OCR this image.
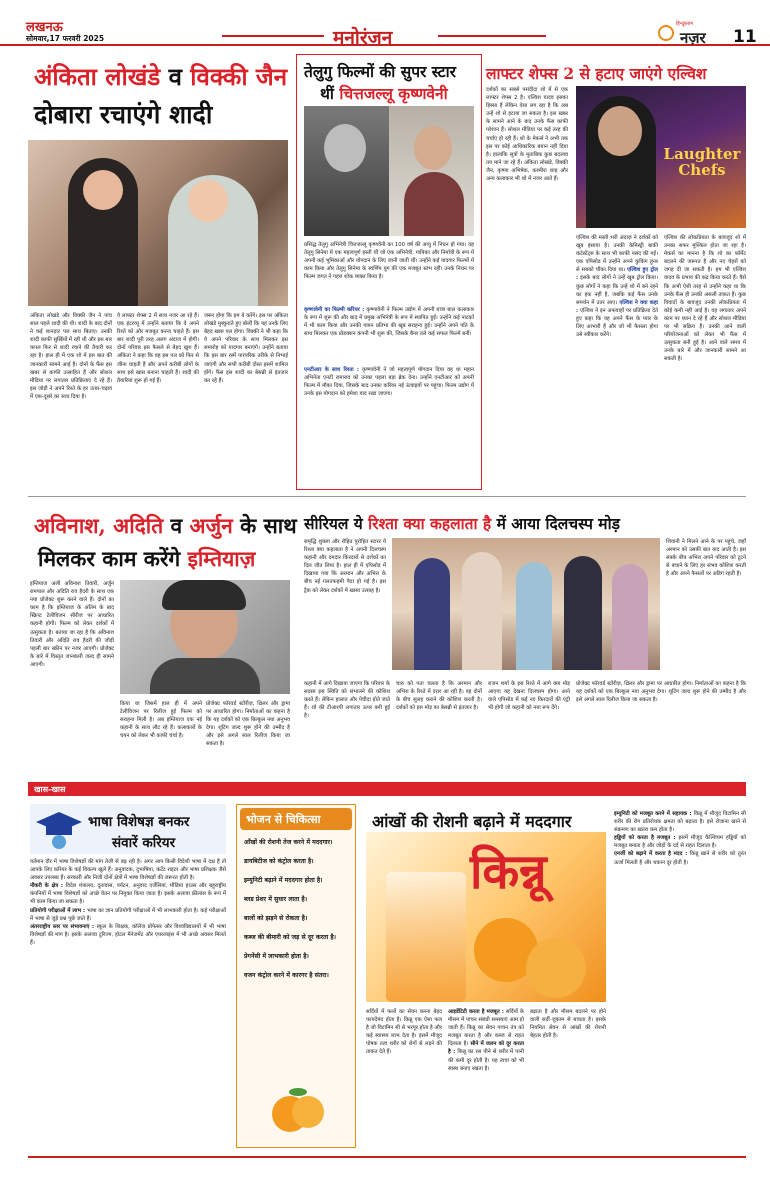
लखनऊ
सोमवार,17 फरवरी 2025	मनोरंजन
हिन्दुस्तान
नज़र 11
अंकिता लोखंडे व विक्की जैन
दोबारा रचाएंगे शादी
अंकिता लोखंडे और विक्की जैन ने पांच साल पहले शादी की थी। शादी के बाद दोनों ने कई शानदार पल साथ बिताए। उनकी शादी काफी सुर्खियों में रही थी और इस बार कपल फिर से शादी रचाने की तैयारी कर रहा है। हाल ही में एक शो में इस बात की जानकारी सामने आई है। दोनों के फैंस इस खबर से काफी उत्साहित हैं और सोशल मीडिया पर लगातार प्रतिक्रियाएं दे रहे हैं। इस जोड़ी ने अपने रिश्ते के हर उतार-चढ़ाव में एक-दूसरे का साथ दिया है।
वे लाफ्टर शेफ्स 2 में साथ नजर आ रहे हैं। एक इंटरव्यू में उन्होंने बताया कि वे अपने रिश्ते को और मजबूत करना चाहते हैं। इस बार शादी पूरी तरह अलग अंदाज में होगी। दोनों परिवार इस फैसले से बेहद खुश हैं। अंकिता ने कहा कि वह इस पल को फिर से जीना चाहती हैं और अपने करीबी लोगों के साथ इसे खास बनाना चाहती हैं। शादी की तैयारियां शुरू हो गई हैं।
जरूर होगा कि हम ये करेंगे। इस पर अंकिता लोखंडे मुस्कुराते हुए बोलीं कि यह उनके लिए बेहद खास पल होगा। विक्की ने भी कहा कि वे अपने परिवार के साथ मिलकर इस समारोह को यादगार बनाएंगे। उन्होंने बताया कि इस बार रस्में पारंपरिक तरीके से निभाई जाएंगी और सभी करीबी दोस्त इसमें शामिल होंगे। फैंस इस शादी का बेसब्री से इंतजार कर रहे हैं।
तेलुगु फिल्मों की सुपर स्टार
थीं चित्तजल्लू कृष्णवेनी
प्रसिद्ध तेलुगु अभिनेत्री चित्तजल्लू कृष्णवेनी का 100 वर्ष की आयु में निधन हो गया। वह तेलुगु सिनेमा में एक महत्वपूर्ण हस्ती थीं जो एक अभिनेत्री, गायिका और निर्मात्री के रूप में अपनी कई भूमिकाओं और योगदान के लिए जानी जाती थीं। उन्होंने कई यादगार फिल्मों में काम किया और तेलुगु सिनेमा के स्वर्णिम युग की एक मजबूत स्तंभ रहीं। उनके निधन पर फिल्म जगत ने गहरा शोक व्यक्त किया है।
कृष्णावेनी का फिल्मी करियर : कृष्णावेनी ने फिल्म उद्योग में अपनी यात्रा बाल कलाकार के रूप में शुरू की और बाद में प्रमुख अभिनेत्री के रूप में स्थापित हुईं। उन्होंने कई नाटकों में भी काम किया और उनकी गायन प्रतिभा की खूब सराहना हुई। उन्होंने अपने पति के साथ मिलकर एक प्रोडक्शन कंपनी भी शुरू की, जिसके बैनर तले कई सफल फिल्में बनीं।
एनटीआर के साथ रिश्ता : कृष्णावेनी ने जो महत्वपूर्ण योगदान दिया वह था महान अभिनेता एनटी रामाराव को उनका पहला बड़ा ब्रेक देना। उन्होंने एनटीआर को अपनी फिल्म में मौका दिया, जिसके बाद उनका करियर नई ऊंचाइयों पर पहुंचा। फिल्म उद्योग में उनके इस योगदान को हमेशा याद रखा जाएगा।
लाफ्टर शेफ्स 2 से हटाए जाएंगे एल्विश
दर्शकों का सबसे पसंदीदा शो में से एक लाफ्टर शेफ्स 2 है। एल्विश यादव इसका हिस्सा हैं लेकिन ऐसा लग रहा है कि अब उन्हें शो से हटाया जा सकता है। इस खबर के सामने आने के बाद उनके फैंस काफी परेशान हैं। सोशल मीडिया पर कई तरह की चर्चाएं हो रही हैं। शो के मेकर्स ने अभी तक इस पर कोई आधिकारिक बयान नहीं दिया है। हालांकि सूत्रों के मुताबिक कुछ बदलाव तय माने जा रहे हैं। अंकिता लोखंडे, विक्की जैन, कृष्णा अभिषेक, कश्मीरा शाह और अन्य कलाकार भी शो में नजर आते हैं।
Laughter Chefs
एल्विश की मस्ती भरी अंदाज़ ने दर्शकों को खूब हंसाया है। उनकी केमिस्ट्री बाकी कंटेस्टेंट्स के साथ भी काफी पसंद की गई। एक एपिसोड में उन्होंने अपने कुकिंग हुनर से सबको चौंका दिया था। एल्विश हुए ट्रोल : इसके बाद लोगों ने उन्हें खूब ट्रोल किया। कुछ लोगों ने कहा कि उन्हें शो में बने रहने का हक नहीं है, जबकि कई फैंस उनके समर्थन में उतर आए। एल्विश ने क्या कहा : एल्विश ने इन अफवाहों पर प्रतिक्रिया देते हुए कहा कि वह अपने फैंस के प्यार के लिए आभारी हैं और जो भी फैसला होगा उसे स्वीकार करेंगे।
एल्विश की लोकप्रियता के बावजूद शो में उनका सफर मुश्किल होता जा रहा है। मेकर्स का मानना है कि शो का फॉर्मेट बदलने की जरूरत है और नए चेहरों को जगह दी जा सकती है। हम भी एल्विश यादव के प्रभाव की कद्र किया करते हैं। वैसे कि अभी ऐसी तरह से उन्होंने कहा था कि उनके फैंस ही उनकी असली ताकत हैं। कुछ विवादों के बावजूद उनकी लोकप्रियता में कोई कमी नहीं आई है। वह लगातार अपने काम पर ध्यान दे रहे हैं और सोशल मीडिया पर भी सक्रिय हैं। उनकी आने वाली परियोजनाओं को लेकर भी फैंस में उत्सुकता बनी हुई है। आने वाले समय में उनके बारे में और जानकारी सामने आ सकती है।
अविनाश, अदिति व अर्जुन के साथ
मिलकर काम करेंगे इम्तियाज़
इम्तियाज अली अविनाश तिवारी, अर्जुन रामपाल और अदिति राव हैदरी के साथ एक नया प्रोजेक्ट शुरू करने वाले हैं। दोनों का काम है कि इम्तियाज के अंतिम के बाद स्क्रिप्ट टेलीविजन सीरीज पर आधारित कहानी होगी। फिल्म को लेकर दर्शकों में उत्सुकता है। बताया जा रहा है कि अविनाश तिवारी और अदिति राव हैदरी की जोड़ी पहली बार स्क्रीन पर नजर आएगी। प्रोजेक्ट के बारे में विस्तृत जानकारी जल्द ही सामने आएगी।
किया था जिसमें हाल ही में अपने टेलीविजन पर रिलीज हुई फिल्म को सराहना मिली है। अब इम्तियाज एक नई कहानी के साथ लौट रहे हैं। कलाकारों के चयन को लेकर भी काफी चर्चा है।
प्रोजेक्ट फॉरवर्ड स्टोरीज़, थ्रिलर और ड्रामा पर आधारित होगा। निर्माताओं का कहना है कि यह दर्शकों को एक बिल्कुल नया अनुभव देगा। शूटिंग जल्द शुरू होने की उम्मीद है और इसे अगले साल रिलीज किया जा सकता है।
सीरियल ये रिश्ता क्या कहलाता है में आया दिलचस्प मोड़
समृद्धि शुक्ला और रोहित पुरोहित स्टारर ये रिश्ता क्या कहलाता है ने अपनी दिलचस्प कहानी और दमदार किरदारों से दर्शकों का दिल जीत लिया है। हाल ही में एपिसोड में दिखाया गया कि अरमान और अभिरा के बीच नई गलतफहमी पैदा हो गई है। इस ट्रैक को लेकर दर्शकों में खासा उत्साह है।
शिवानी ने मिलने आने के पर पहुंचे, जहाँ अरमान को उसकी बात याद आती है। इस सबके बीच अभिरा अपने परिवार को टूटने से बचाने के लिए हर संभव कोशिश करती है और अपने फैसलों पर अडिग रहती है।
कहानी में आगे दिखाया जाएगा कि परिवार के सदस्य इस स्थिति को संभालने की कोशिश करते हैं। लेकिन हालात और पेचीदा होते जाते हैं। शो की टीआरपी लगातार ऊपर बनी हुई है।
चारु को पता चलता है कि अरमान और अभिरा के रिश्ते में दरार आ रही है। वह दोनों के बीच सुलह कराने की कोशिश करती है। दर्शकों को इस मोड़ का बेसब्री से इंतजार है।
राजन शर्मा के इस रिश्ते में आगे क्या मोड़ आएगा यह देखना दिलचस्प होगा। आने वाले एपिसोड में कई नए किरदारों की एंट्री भी होगी जो कहानी को नया रूप देंगे।
प्रोजेक्ट फॉरवर्ड स्टोरीज़, थ्रिलर और ड्रामा पर आधारित होगा। निर्माताओं का कहना है कि यह दर्शकों को एक बिल्कुल नया अनुभव देगा। शूटिंग जल्द शुरू होने की उम्मीद है और इसे अगले साल रिलीज किया जा सकता है।
खास-खास
भाषा विशेषज्ञ बनकर
संवारें करियर
वर्तमान दौर में भाषा विशेषज्ञों की मांग तेजी से बढ़ रही है। अगर आप किसी विदेशी भाषा में दक्ष हैं तो आपके लिए करियर के कई विकल्प खुले हैं। अनुवादक, दुभाषिया, कंटेंट राइटर और भाषा प्रशिक्षक जैसे अवसर उपलब्ध हैं। सरकारी और निजी दोनों क्षेत्रों में भाषा विशेषज्ञों की जरूरत होती है।
नौकरी के क्षेत्र : विदेश मंत्रालय, दूतावास, पर्यटन, अनुवाद एजेंसियां, मीडिया हाउस और बहुराष्ट्रीय कंपनियों में भाषा विशेषज्ञों को अच्छे वेतन पर नियुक्त किया जाता है। इसके अलावा फ्रीलांस के रूप में भी काम किया जा सकता है।
प्रतियोगी परीक्षाओं में लाभ : भाषा का ज्ञान प्रतियोगी परीक्षाओं में भी लाभकारी होता है। कई परीक्षाओं में भाषा से जुड़े प्रश्न पूछे जाते हैं।
अंतरराष्ट्रीय स्तर पर संभावनाएं : स्कूल के शिक्षक, कॉलेज प्रोफेसर और विश्वविद्यालयों में भी भाषा विशेषज्ञों की मांग है। इसके अलावा टूरिज्म, होटल मैनेजमेंट और एयरलाइंस में भी अच्छे अवसर मिलते हैं।
भोजन से चिकित्सा
आँखों की रोशनी तेज करने में मददगार।
डायबिटीज को कंट्रोल करता है।
इम्युनिटी बढ़ाने में मददगार होता है।
ब्लड प्रेशर में सुधार लाता है।
बालों को झड़ने से रोकता है।
कब्ज की बीमारी को जड़ से दूर करता है।
प्रेगनेंसी में लाभकारी होता है।
वजन कंट्रोल करने में कारगर है संतरा।
आंखों की रोशनी बढ़ाने में मददगार
किन्नू
सर्दियों में फलों का सेवन करना बेहद फायदेमंद होता है। किन्नू एक ऐसा फल है जो विटामिन सी से भरपूर होता है और कई स्वास्थ्य लाभ देता है। इसमें मौजूद पोषक तत्व शरीर को रोगों से लड़ने की ताकत देते हैं।
आइडेंटिटी करता है मजबूत : सर्दियों के मौसम में पाचन संबंधी समस्याएं आम हो जाती हैं। किन्नू का सेवन पाचन तंत्र को मजबूत करता है और कब्ज से राहत दिलाता है। सीने में जलन को दूर करता है : किन्नू का रस पीने से शरीर में पानी की कमी दूर होती है। यह त्वचा को भी स्वस्थ बनाए रखता है।
बढ़ाता है और मौसम बदलने पर होने वाली सर्दी-जुकाम से बचाता है। इसके नियमित सेवन से आंखों की रोशनी बेहतर होती है।
इम्युनिटी को मजबूत करने में सहायक : किन्नू में मौजूद विटामिन सी शरीर की रोग प्रतिरोधक क्षमता को बढ़ाता है। इसे रोजाना खाने से संक्रमण का खतरा कम होता है।
हड्डियों को करता है मजबूत : इसमें मौजूद कैल्शियम हड्डियों को मजबूत बनाता है और जोड़ों के दर्द से राहत दिलाता है।
एनर्जी को बढ़ाने में करता है मदद : किन्नू खाने से शरीर को तुरंत ऊर्जा मिलती है और थकान दूर होती है।
